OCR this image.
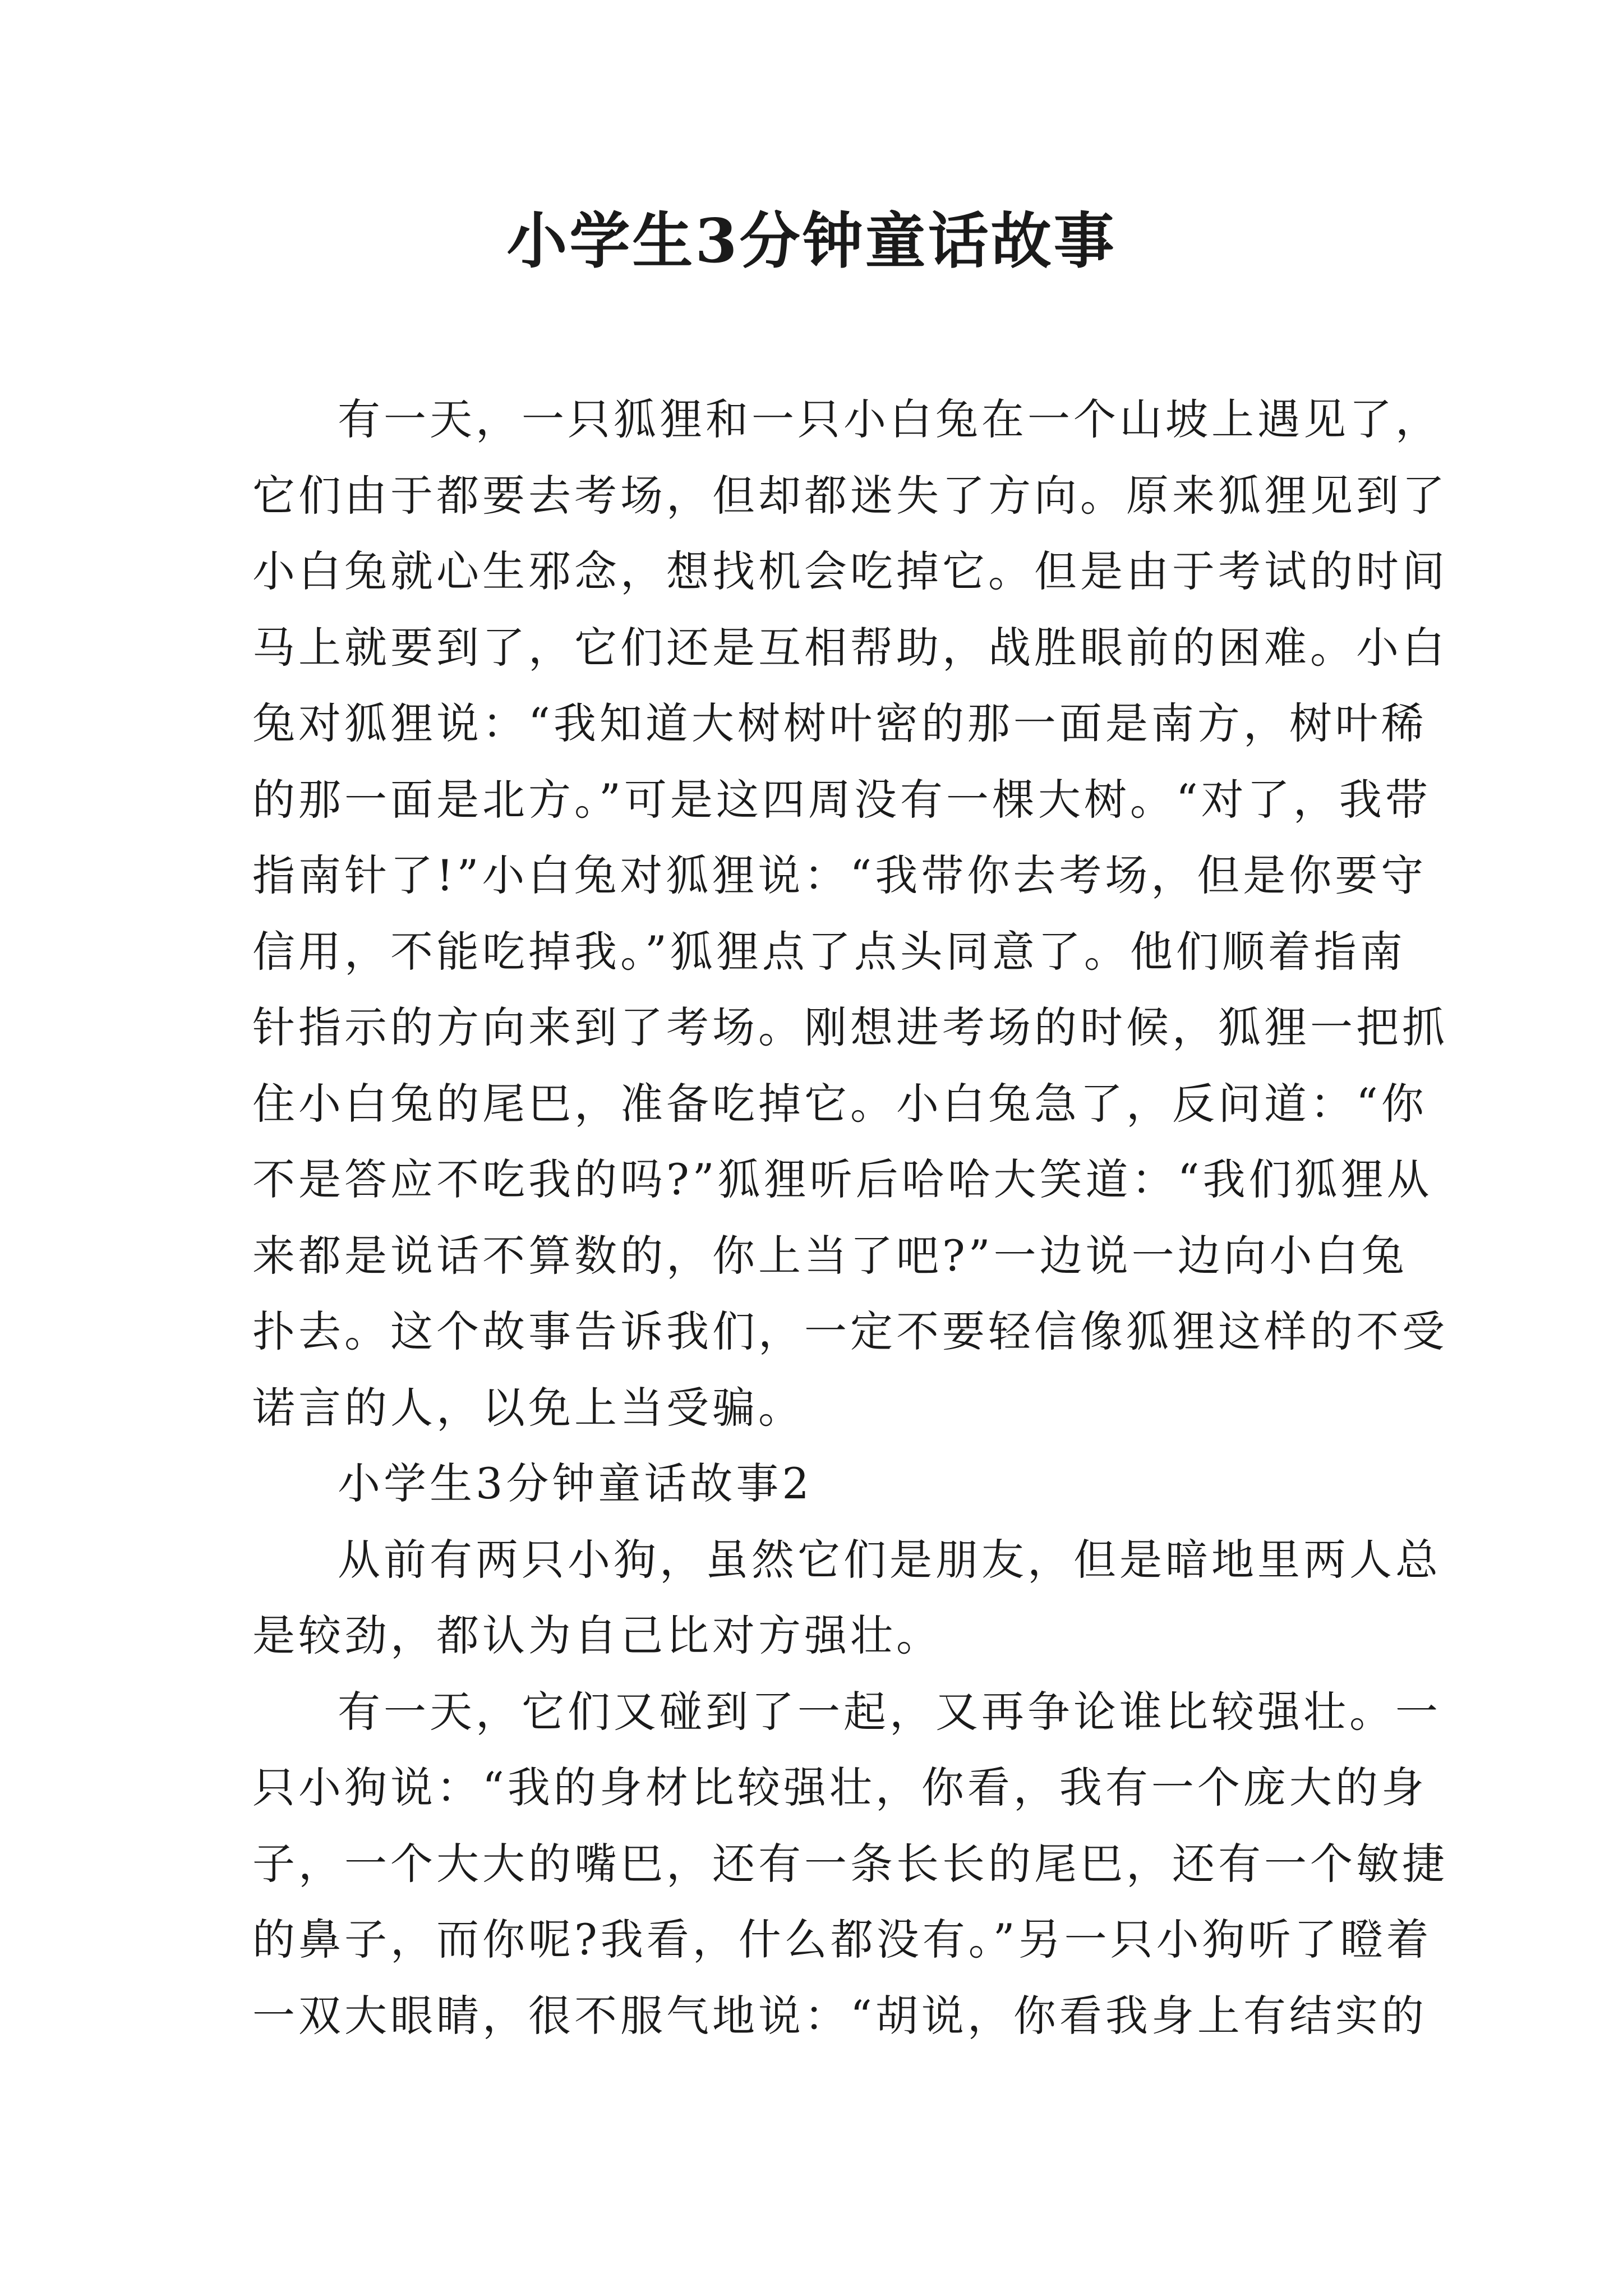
小学生3分钟童话故事

有一天，一只狐狸和一只小白兔在一个山坡上遇见了，
它们由于都要去考场，但却都迷失了方向。原来狐狸见到了
小白兔就心生邪念，想找机会吃掉它。但是由于考试的时间
马上就要到了，它们还是互相帮助，战胜眼前的困难。小白
兔对狐狸说：“我知道大树树叶密的那一面是南方，树叶稀
的那一面是北方。”可是这四周没有一棵大树。“对了，我带
指南针了!”小白兔对狐狸说：“我带你去考场，但是你要守
信用，不能吃掉我。”狐狸点了点头同意了。他们顺着指南
针指示的方向来到了考场。刚想进考场的时候，狐狸一把抓
住小白兔的尾巴，准备吃掉它。小白兔急了，反问道：“你
不是答应不吃我的吗?”狐狸听后哈哈大笑道：“我们狐狸从
来都是说话不算数的，你上当了吧?”一边说一边向小白兔
扑去。这个故事告诉我们，一定不要轻信像狐狸这样的不受
诺言的人，以免上当受骗。

小学生3分钟童话故事2

从前有两只小狗，虽然它们是朋友，但是暗地里两人总
是较劲，都认为自己比对方强壮。

有一天，它们又碰到了一起，又再争论谁比较强壮。一
只小狗说：“我的身材比较强壮，你看，我有一个庞大的身
子，一个大大的嘴巴，还有一条长长的尾巴，还有一个敏捷
的鼻子，而你呢?我看，什么都没有。”另一只小狗听了瞪着
一双大眼睛，很不服气地说：“胡说，你看我身上有结实的
